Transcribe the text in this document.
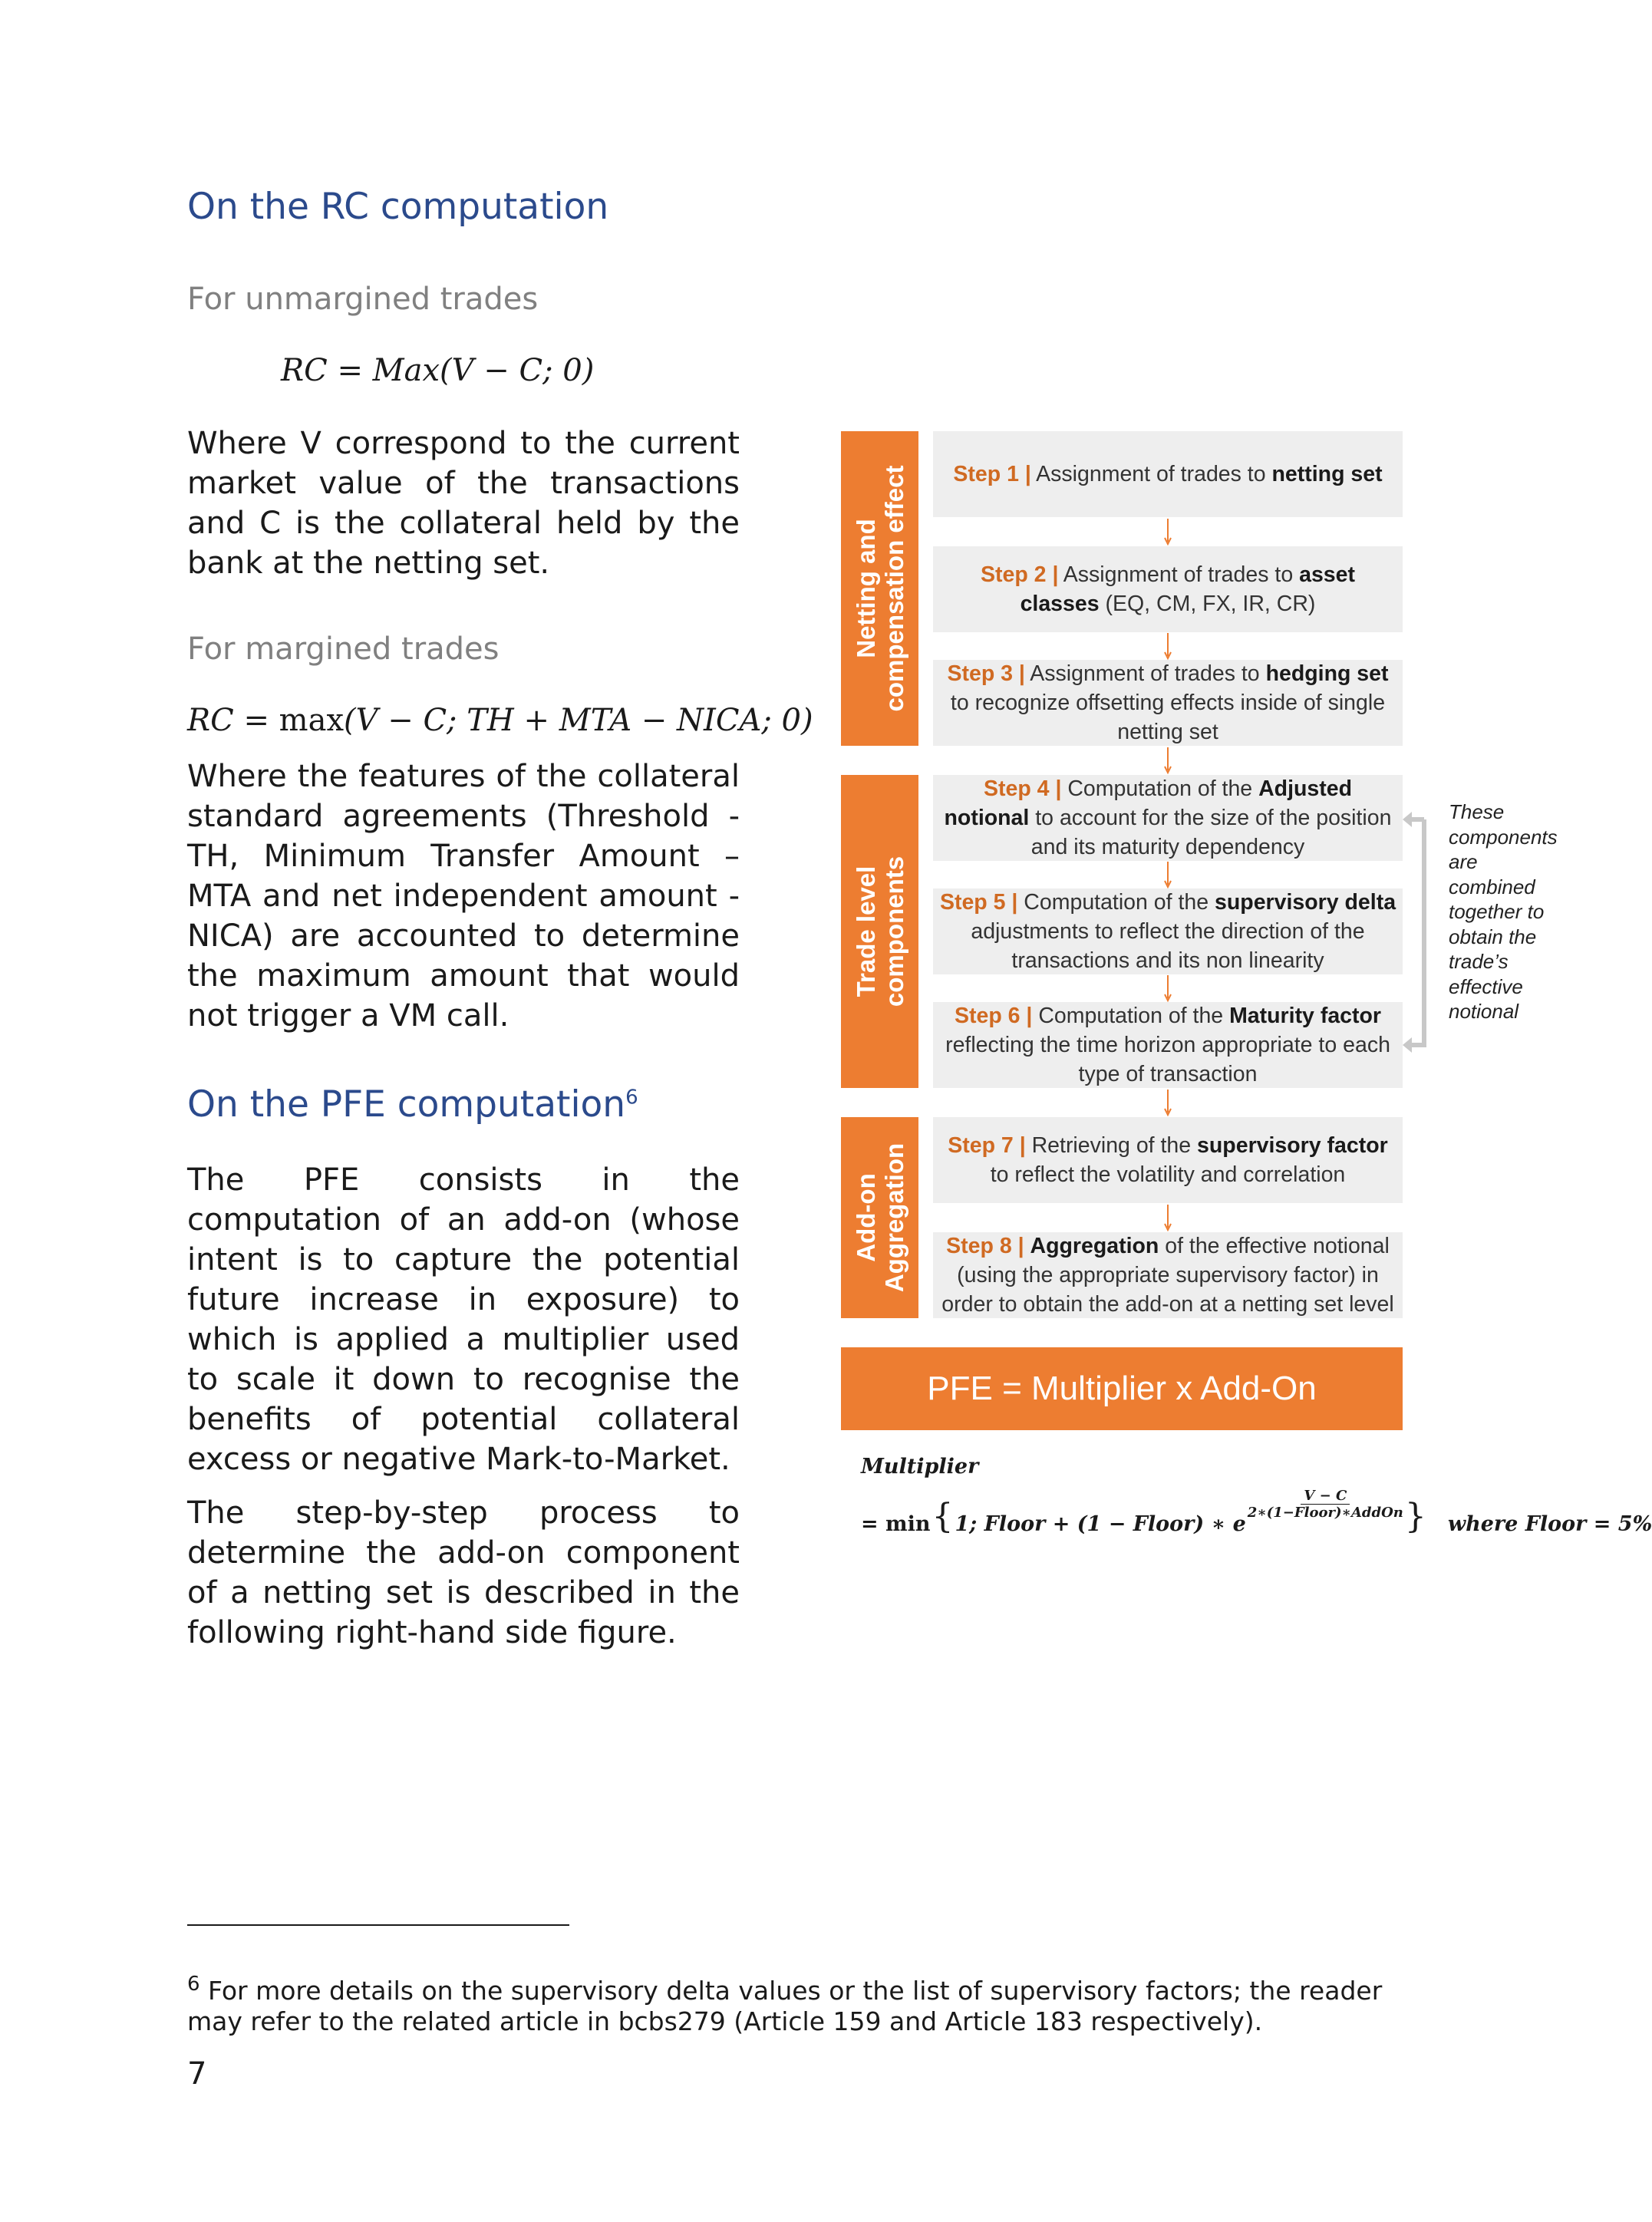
On the RC computation
For unmargined trades
RC = Max(V − C; 0)
Where V correspond to the current market value of the transactions and C is the collateral held by the bank at the netting set.
For margined trades
RC = max(V − C; TH + MTA − NICA; 0)
Where the features of the collateral standard agreements (Threshold - TH, Minimum Transfer Amount – MTA and net independent amount - NICA) are accounted to determine the maximum amount that would not trigger a VM call.
On the PFE computation$^6$
The PFE consists in the computation of an add-on (whose intent is to capture the potential future increase in exposure) to which is applied a multiplier used to scale it down to recognise the benefits of potential collateral excess or negative Mark-to-Market.
The step-by-step process to determine the add-on component of a netting set is described in the following right-hand side figure.
Netting and compensation effect
Trade level components
Add-on Aggregation
Step 1 | Assignment of trades to netting set
Step 2 | Assignment of trades to asset classes (EQ, CM, FX, IR, CR)
Step 3 | Assignment of trades to hedging set to recognize offsetting effects inside of single netting set
Step 4 | Computation of the Adjusted notional to account for the size of the position and its maturity dependency
Step 5 | Computation of the supervisory delta adjustments to reflect the direction of the transactions and its non linearity
Step 6 | Computation of the Maturity factor reflecting the time horizon appropriate to each type of transaction
Step 7 | Retrieving of the supervisory factor to reflect the volatility and correlation
Step 8 | Aggregation of the effective notional (using the appropriate supervisory factor) in order to obtain the add-on at a netting set level
These components are combined together to obtain the trade’s effective notional
PFE = Multiplier x Add-On
Multiplier
= min { 1; Floor + (1 − Floor) ∗ e
V − C
2∗(1−Floor)∗AddOn } where Floor = 5%
$^6$ For more details on the supervisory delta values or the list of supervisory factors; the reader may refer to the related article in bcbs279 (Article 159 and Article 183 respectively).
7
